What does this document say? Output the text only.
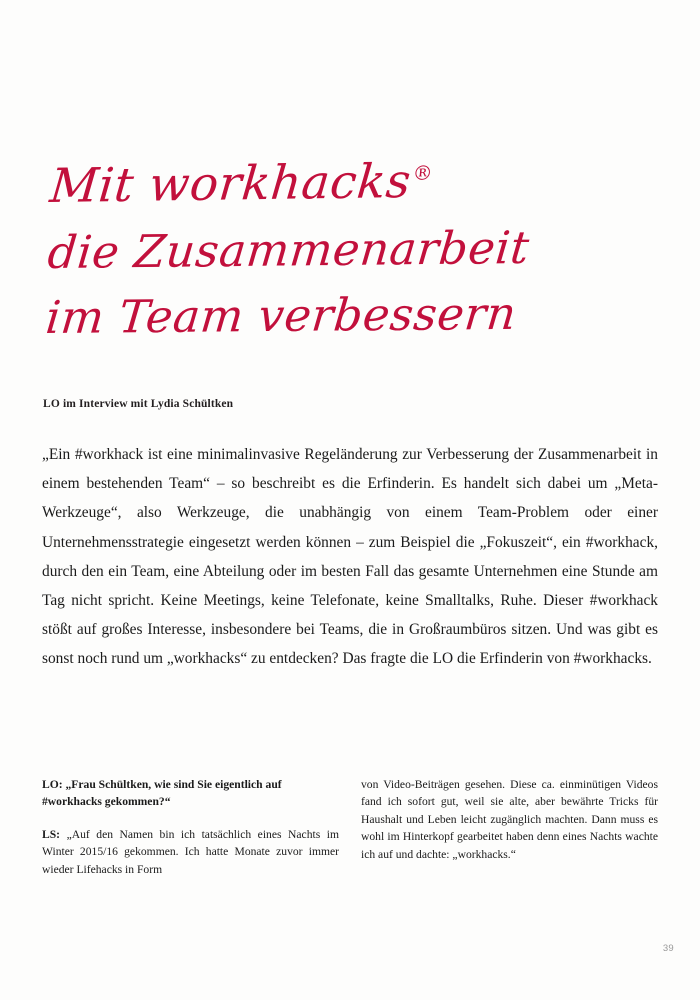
Mit workhacks®
die Zusammenarbeit
im Team verbessern
LO im Interview mit Lydia Schültken
„Ein #workhack ist eine minimalinvasive Regeländerung zur Verbesserung der Zusammenarbeit in einem bestehenden Team“ – so beschreibt es die Erfinderin. Es handelt sich dabei um „Meta-Werkzeuge“, also Werkzeuge, die unabhängig von einem Team-Problem oder einer Unternehmensstrategie eingesetzt werden können – zum Beispiel die „Fokuszeit“, ein #workhack, durch den ein Team, eine Abteilung oder im besten Fall das gesamte Unternehmen eine Stunde am Tag nicht spricht. Keine Meetings, keine Telefonate, keine Smalltalks, Ruhe. Dieser #workhack stößt auf großes Interesse, insbesondere bei Teams, die in Großraumbüros sitzen. Und was gibt es sonst noch rund um „workhacks“ zu entdecken? Das fragte die LO die Erfinderin von #workhacks.

LO: „Frau Schültken, wie sind Sie eigentlich auf #workhacks gekommen?“

LS: „Auf den Namen bin ich tatsächlich eines Nachts im Winter 2015/16 gekommen. Ich hatte Monate zuvor immer wieder Lifehacks in Form

von Video-Beiträgen gesehen. Diese ca. einminütigen Videos fand ich sofort gut, weil sie alte, aber bewährte Tricks für Haushalt und Leben leicht zugänglich machten. Dann muss es wohl im Hinterkopf gearbeitet haben denn eines Nachts wachte ich auf und dachte: „workhacks.“

39
